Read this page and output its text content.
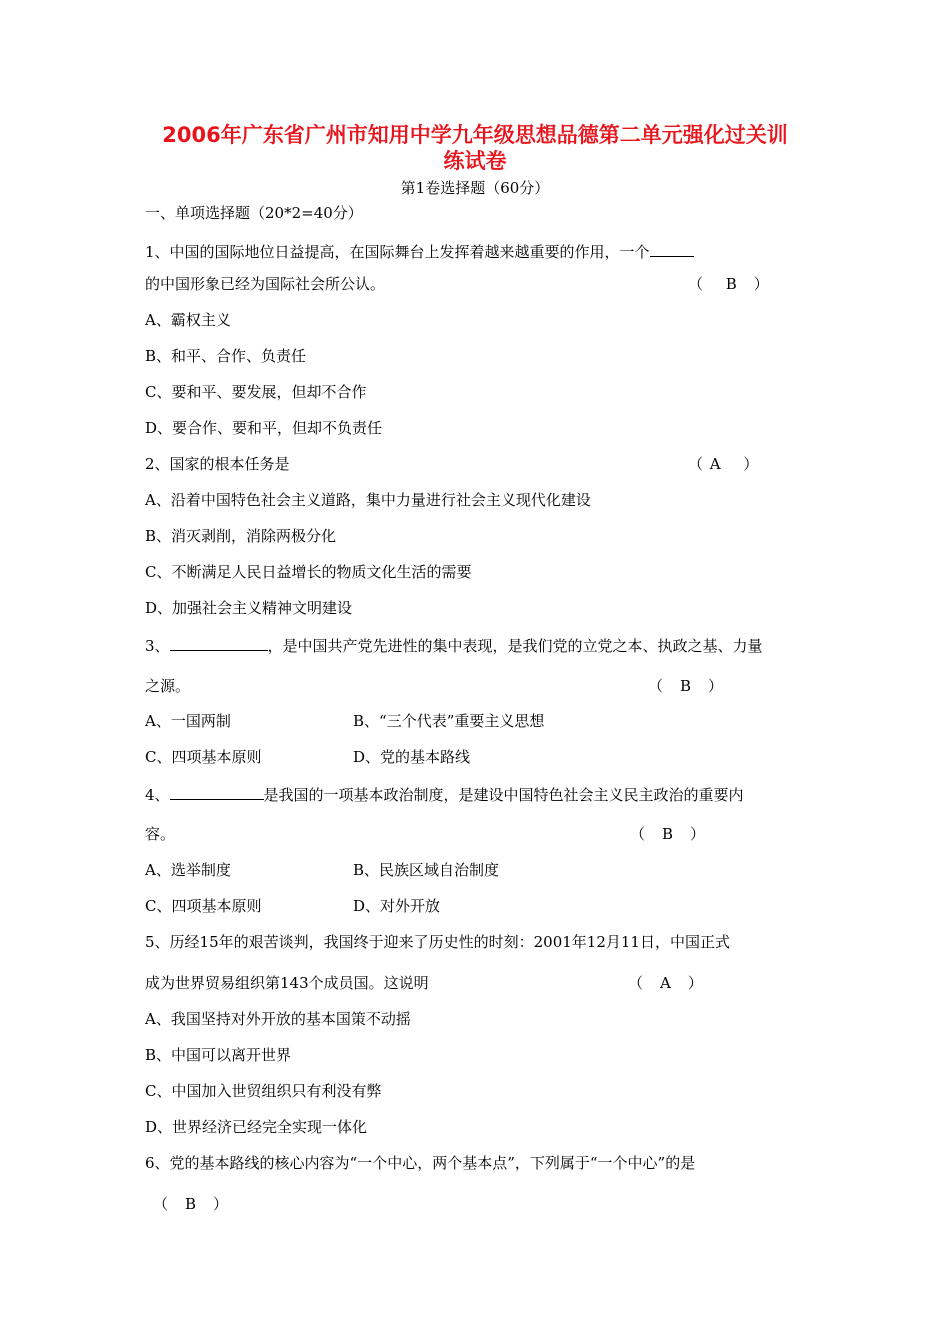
2006年广东省广州市知用中学九年级思想品德第二单元强化过关训
练试卷
第1卷选择题（60分）
一、单项选择题（20*2=40分）
1、中国的国际地位日益提高，在国际舞台上发挥着越来越重要的作用，一个
的中国形象已经为国际社会所公认。	（　 B　）
A、霸权主义
B、和平、合作、负责任
C、要和平、要发展，但却不合作
D、要合作、要和平，但却不负责任
2、国家的根本任务是	（ A　 ）
A、沿着中国特色社会主义道路，集中力量进行社会主义现代化建设
B、消灭剥削，消除两极分化
C、不断满足人民日益增长的物质文化生活的需要
D、加强社会主义精神文明建设
3、	，是中国共产党先进性的集中表现，是我们党的立党之本、执政之基、力量
之源。	（　B　）
A、一国两制	B、“三个代表”重要主义思想
C、四项基本原则	D、党的基本路线
4、	是我国的一项基本政治制度，是建设中国特色社会主义民主政治的重要内
容。	（　B　）
A、选举制度	B、民族区域自治制度
C、四项基本原则	D、对外开放
5、历经15年的艰苦谈判，我国终于迎来了历史性的时刻：2001年12月11日，中国正式
成为世界贸易组织第143个成员国。这说明	（　A　）
A、我国坚持对外开放的基本国策不动摇
B、中国可以离开世界
C、中国加入世贸组织只有利没有弊
D、世界经济已经完全实现一体化
6、党的基本路线的核心内容为“一个中心，两个基本点”，下列属于“一个中心”的是
（　B　）
